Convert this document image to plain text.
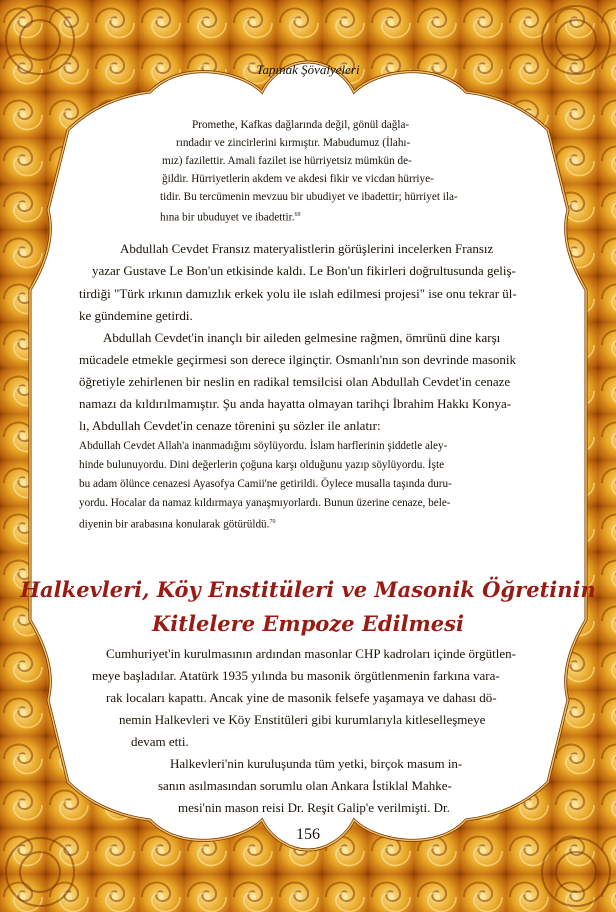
Tapınak Şövalyeleri
Promethe, Kafkas dağlarında değil, gönül dağla-
rındadır ve zincirlerini kırmıştır. Mabudumuz (İlahı-
mız) fazilettir. Amali fazilet ise hürriyetsiz mümkün de-
ğildir. Hürriyetlerin akdem ve akdesi fikir ve vicdan hürriye-
tidir. Bu tercümenin mevzuu bir ubudiyet ve ibadettir; hürriyet ila-
hına bir ubuduyet ve ibadettir.$^{69}$
Abdullah Cevdet Fransız materyalistlerin görüşlerini incelerken Fransız
yazar Gustave Le Bon'un etkisinde kaldı. Le Bon'un fikirleri doğrultusunda geliş-
tirdiği "Türk ırkının damızlık erkek yolu ile ıslah edilmesi projesi" ise onu tekrar ül-
ke gündemine getirdi.
Abdullah Cevdet'in inançlı bir aileden gelmesine rağmen, ömrünü dine karşı
mücadele etmekle geçirmesi son derece ilginçtir. Osmanlı'nın son devrinde masonik
öğretiyle zehirlenen bir neslin en radikal temsilcisi olan Abdullah Cevdet'in cenaze
namazı da kıldırılmamıştır. Şu anda hayatta olmayan tarihçi İbrahim Hakkı Konya-
lı, Abdullah Cevdet'in cenaze törenini şu sözler ile anlatır:
Abdullah Cevdet Allah'a inanmadığını söylüyordu. İslam harflerinin şiddetle aley-
hinde bulunuyordu. Dini değerlerin çoğuna karşı olduğunu yazıp söylüyordu. İşte
bu adam ölünce cenazesi Ayasofya Camii'ne getirildi. Öylece musalla taşında duru-
yordu. Hocalar da namaz kıldırmaya yanaşmıyorlardı. Bunun üzerine cenaze, bele-
diyenin bir arabasına konularak götürüldü.$^{70}$
Halkevleri, Köy Enstitüleri ve Masonik Öğretinin
Kitlelere Empoze Edilmesi
Cumhuriyet'in kurulmasının ardından masonlar CHP kadroları içinde örgütlen-
meye başladılar. Atatürk 1935 yılında bu masonik örgütlenmenin farkına vara-
rak locaları kapattı. Ancak yine de masonik felsefe yaşamaya ve dahası dö-
nemin Halkevleri ve Köy Enstitüleri gibi kurumlarıyla kitleselleşmeye
devam etti.
Halkevleri'nin kuruluşunda tüm yetki, birçok masum in-
sanın asılmasından sorumlu olan Ankara İstiklal Mahke-
mesi'nin mason reisi Dr. Reşit Galip'e verilmişti. Dr.
156
